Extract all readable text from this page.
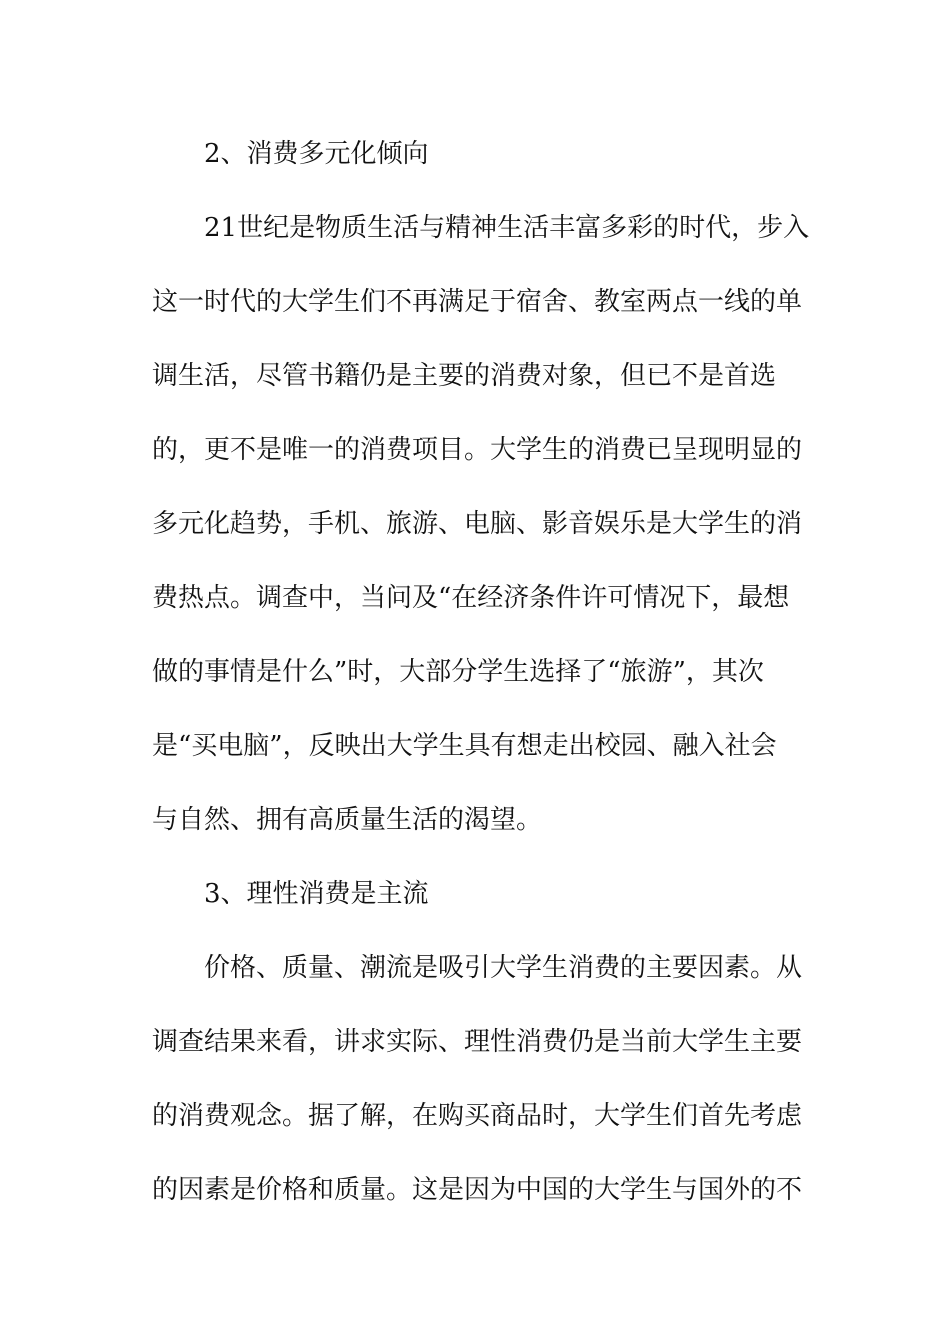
2、消费多元化倾向
21世纪是物质生活与精神生活丰富多彩的时代，步入
这一时代的大学生们不再满足于宿舍、教室两点一线的单
调生活，尽管书籍仍是主要的消费对象，但已不是首选
的，更不是唯一的消费项目。大学生的消费已呈现明显的
多元化趋势，手机、旅游、电脑、影音娱乐是大学生的消
费热点。调查中，当问及“在经济条件许可情况下，最想
做的事情是什么”时，大部分学生选择了“旅游”，其次
是“买电脑”，反映出大学生具有想走出校园、融入社会
与自然、拥有高质量生活的渴望。
3、理性消费是主流
价格、质量、潮流是吸引大学生消费的主要因素。从
调查结果来看，讲求实际、理性消费仍是当前大学生主要
的消费观念。据了解，在购买商品时，大学生们首先考虑
的因素是价格和质量。这是因为中国的大学生与国外的不
